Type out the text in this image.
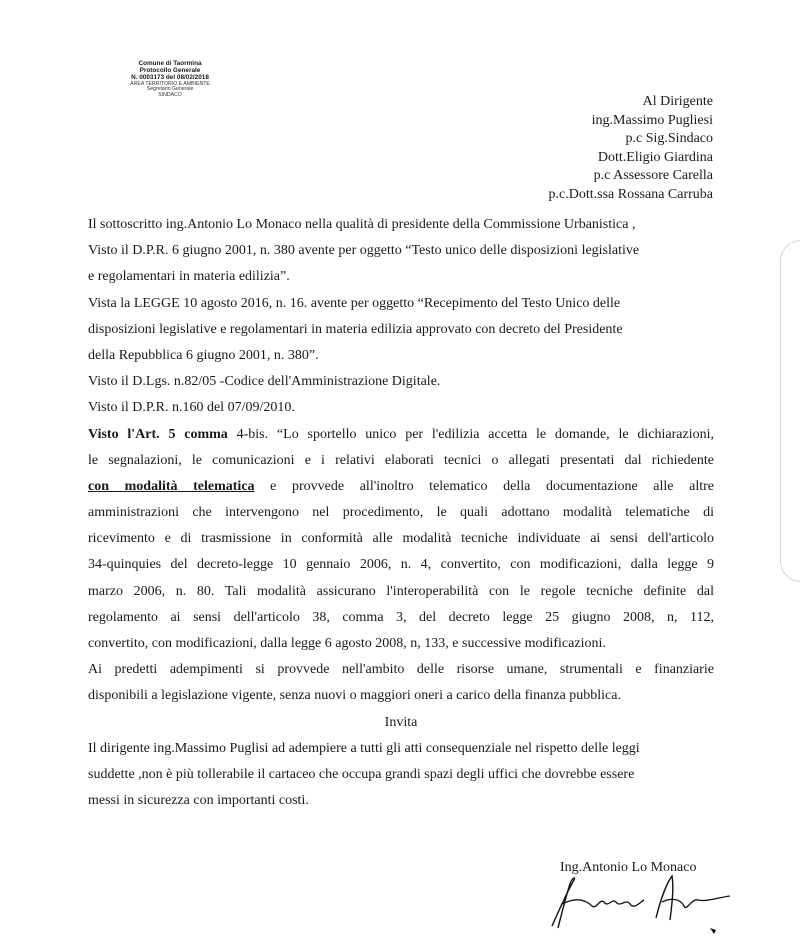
Comune di Taormina
Protocollo Generale
N. 0003173 del 08/02/2018
AREA TERRITORIO E AMBIENTE
Segretario Generale
SINDACO	Al Dirigente
ing.Massimo Pugliesi
p.c Sig.Sindaco
Dott.Eligio Giardina
p.c Assessore Carella
p.c.Dott.ssa Rossana Carruba
Il sottoscritto ing.Antonio Lo Monaco nella qualità di presidente della Commissione Urbanistica ,
Visto il D.P.R. 6 giugno 2001, n. 380 avente per oggetto “Testo unico delle disposizioni legislative
e regolamentari in materia edilizia”.
Vista la LEGGE 10 agosto 2016, n. 16. avente per oggetto “Recepimento del Testo Unico delle
disposizioni legislative e regolamentari in materia edilizia approvato con decreto del Presidente
della Repubblica 6 giugno 2001, n. 380”.
Visto il D.Lgs. n.82/05 -Codice dell'Amministrazione Digitale.
Visto il D.P.R. n.160 del 07/09/2010.
Visto l'Art. 5 comma 4-bis. “Lo sportello unico per l'edilizia accetta le domande, le dichiarazioni,
le segnalazioni, le comunicazioni e i relativi elaborati tecnici o allegati presentati dal richiedente
con modalità telematica e provvede all'inoltro telematico della documentazione alle altre
amministrazioni che intervengono nel procedimento, le quali adottano modalità telematiche di
ricevimento e di trasmissione in conformità alle modalità tecniche individuate ai sensi dell'articolo
34-quinquies del decreto-legge 10 gennaio 2006, n. 4, convertito, con modificazioni, dalla legge 9
marzo 2006, n. 80. Tali modalità assicurano l'interoperabilità con le regole tecniche definite dal
regolamento ai sensi dell'articolo 38, comma 3, del decreto legge 25 giugno 2008, n, 112,
convertito, con modificazioni, dalla legge 6 agosto 2008, n, 133, e successive modificazioni.
Ai predetti adempimenti si provvede nell'ambito delle risorse umane, strumentali e finanziarie
disponibili a legislazione vigente, senza nuovi o maggiori oneri a carico della finanza pubblica.
Invita
Il dirigente ing.Massimo Puglisi ad adempiere a tutti gli atti consequenziale nel rispetto delle leggi
suddette ,non è più tollerabile il cartaceo che occupa grandi spazi degli uffici che dovrebbe essere
messi in sicurezza con importanti costi.
Ing.Antonio Lo Monaco
